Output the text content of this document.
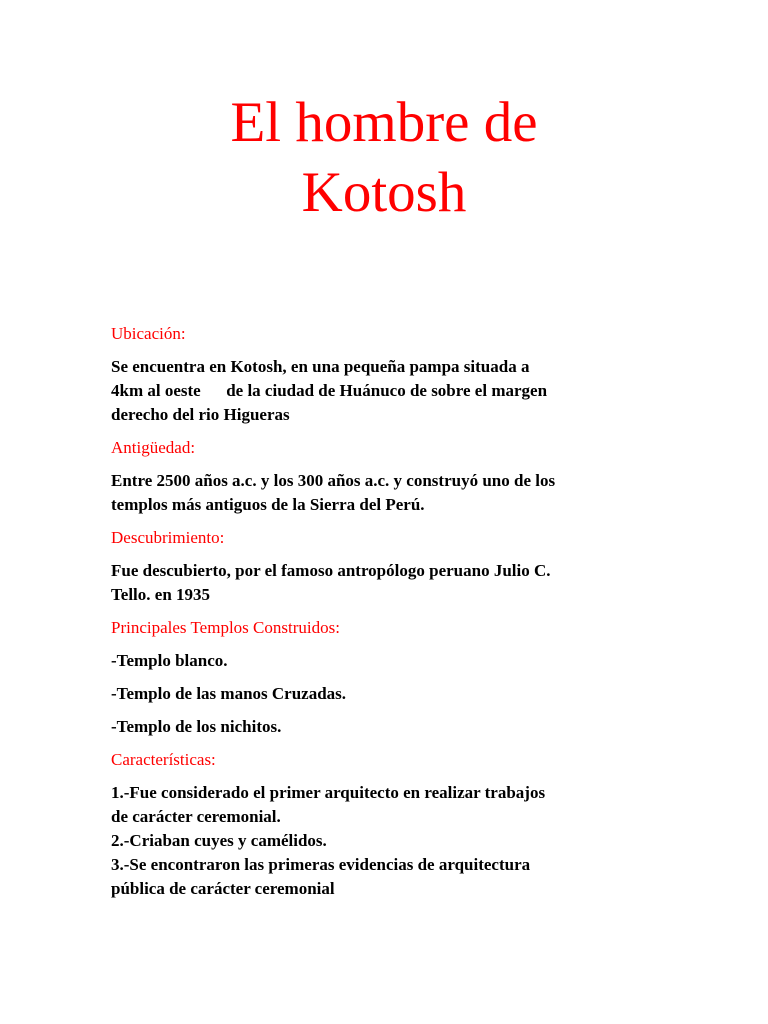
El hombre de
Kotosh
Ubicación:
Se encuentra en Kotosh, en una pequeña pampa situada a
4km al oeste      de la ciudad de Huánuco de sobre el margen
derecho del rio Higueras
Antigüedad:
Entre 2500 años a.c. y los 300 años a.c. y construyó uno de los
templos más antiguos de la Sierra del Perú.
Descubrimiento:
Fue descubierto, por el famoso antropólogo peruano Julio C.
Tello. en 1935
Principales Templos Construidos:
-Templo blanco.
-Templo de las manos Cruzadas.
-Templo de los nichitos.
Características:
1.-Fue considerado el primer arquitecto en realizar trabajos
de carácter ceremonial.
2.-Criaban cuyes y camélidos.
3.-Se encontraron las primeras evidencias de arquitectura
pública de carácter ceremonial
